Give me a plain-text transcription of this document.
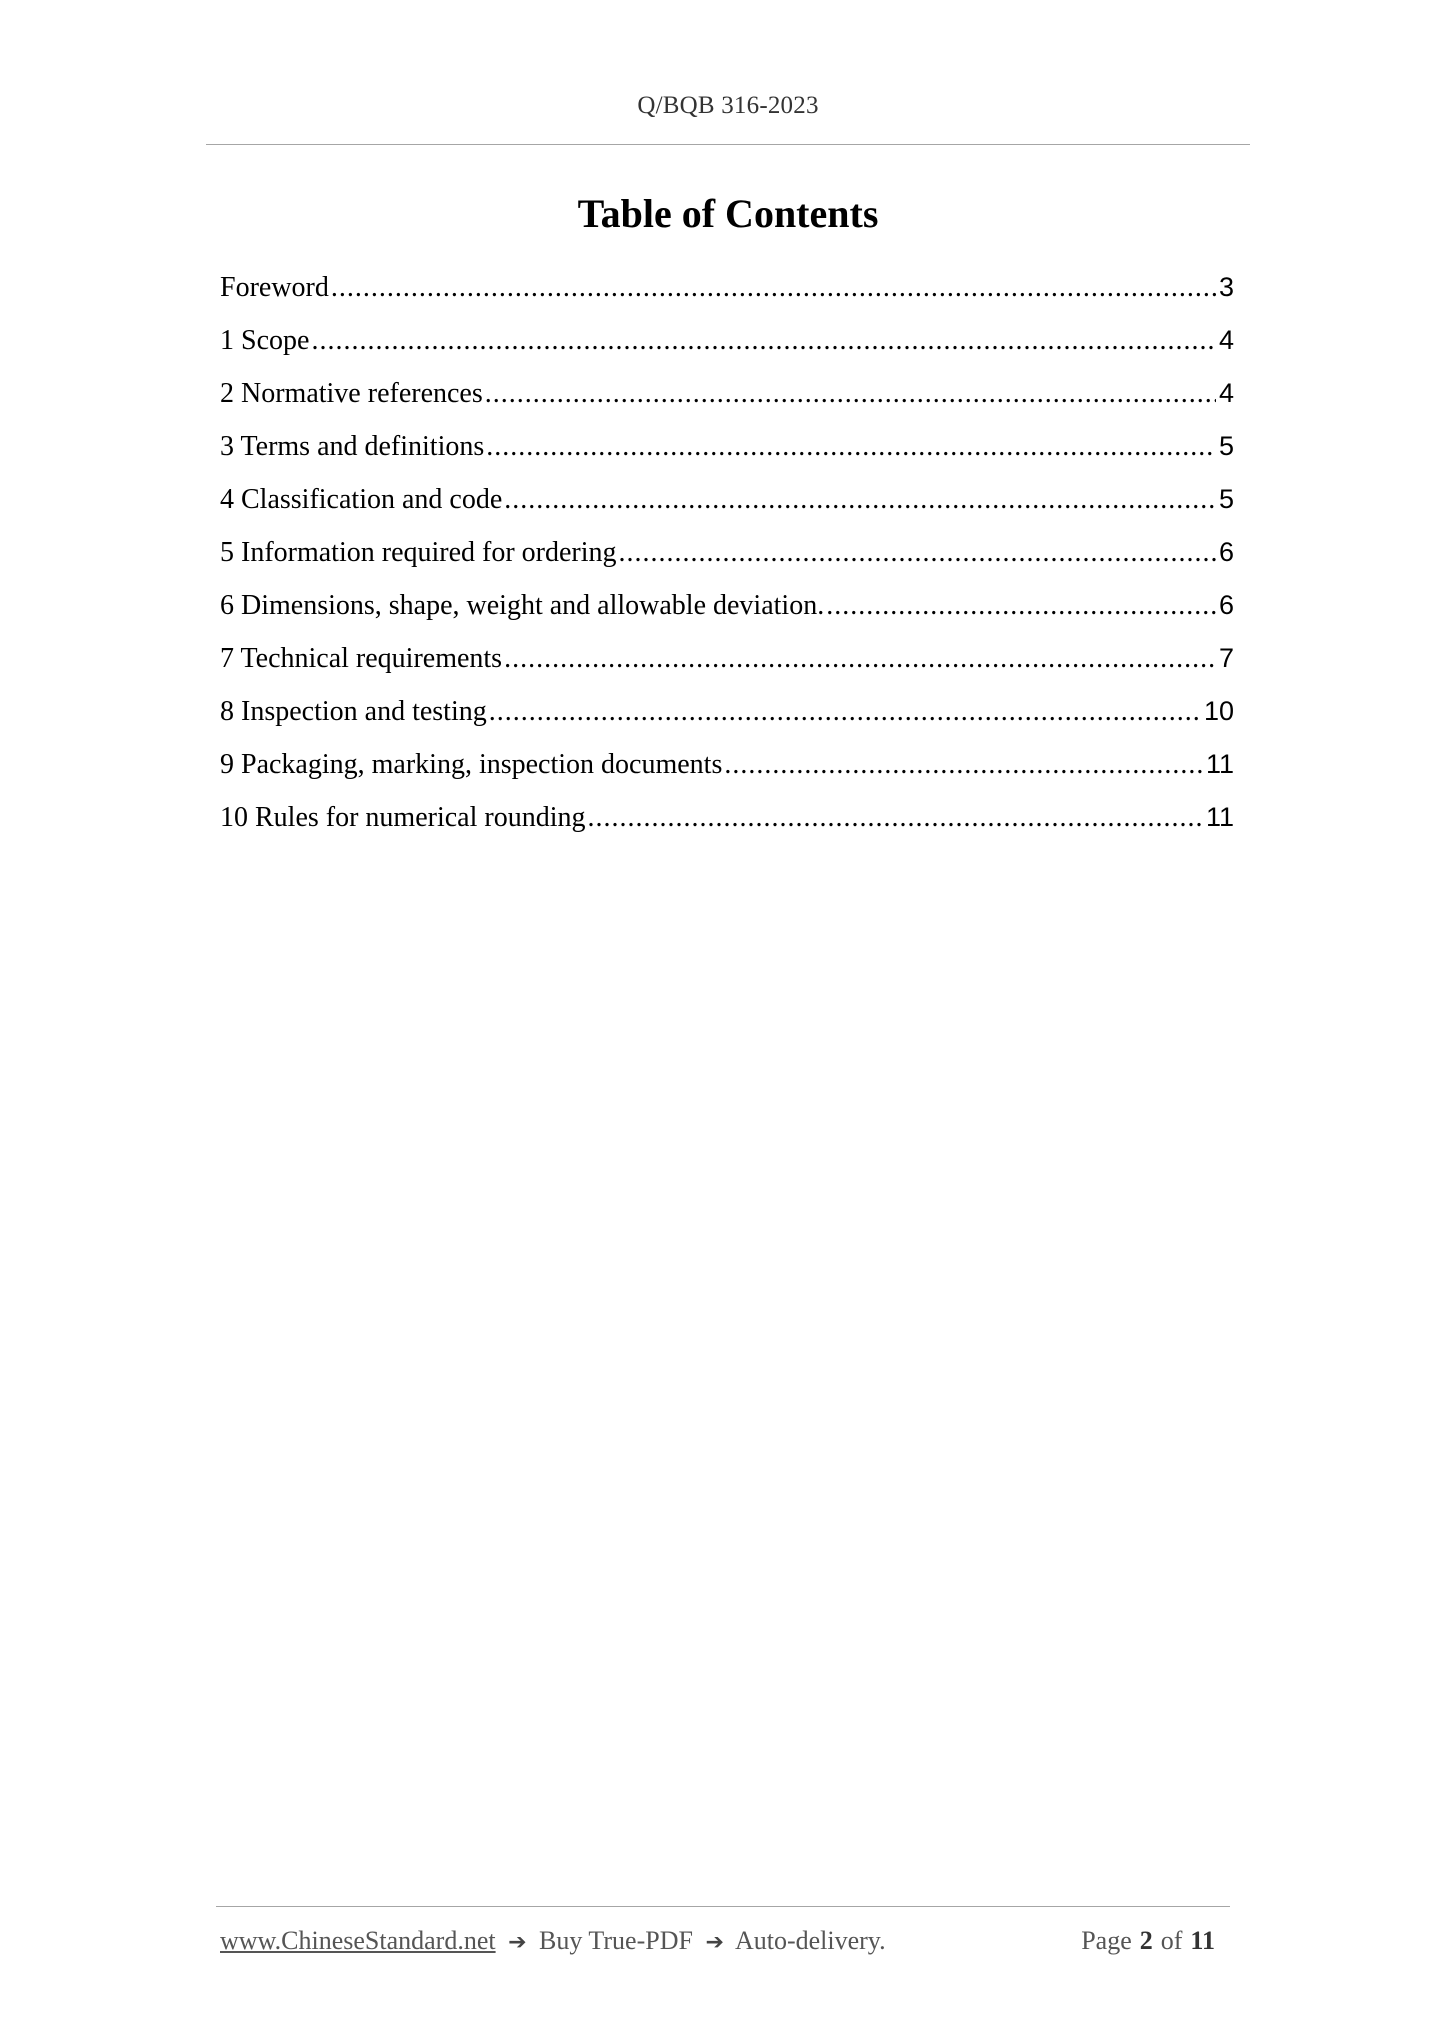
Q/BQB 316-2023
Table of Contents
Foreword .....	3
1 Scope .....	4
2 Normative references .....	4
3 Terms and definitions .....	5
4 Classification and code .....	5
5 Information required for ordering .....	6
6 Dimensions, shape, weight and allowable deviation. .....	6
7 Technical requirements .....	7
8 Inspection and testing .....	10
9 Packaging, marking, inspection documents .....	11
10 Rules for numerical rounding .....	11
www.ChineseStandard.net ➔ Buy True-PDF ➔ Auto-delivery.	Page 2 of 11
